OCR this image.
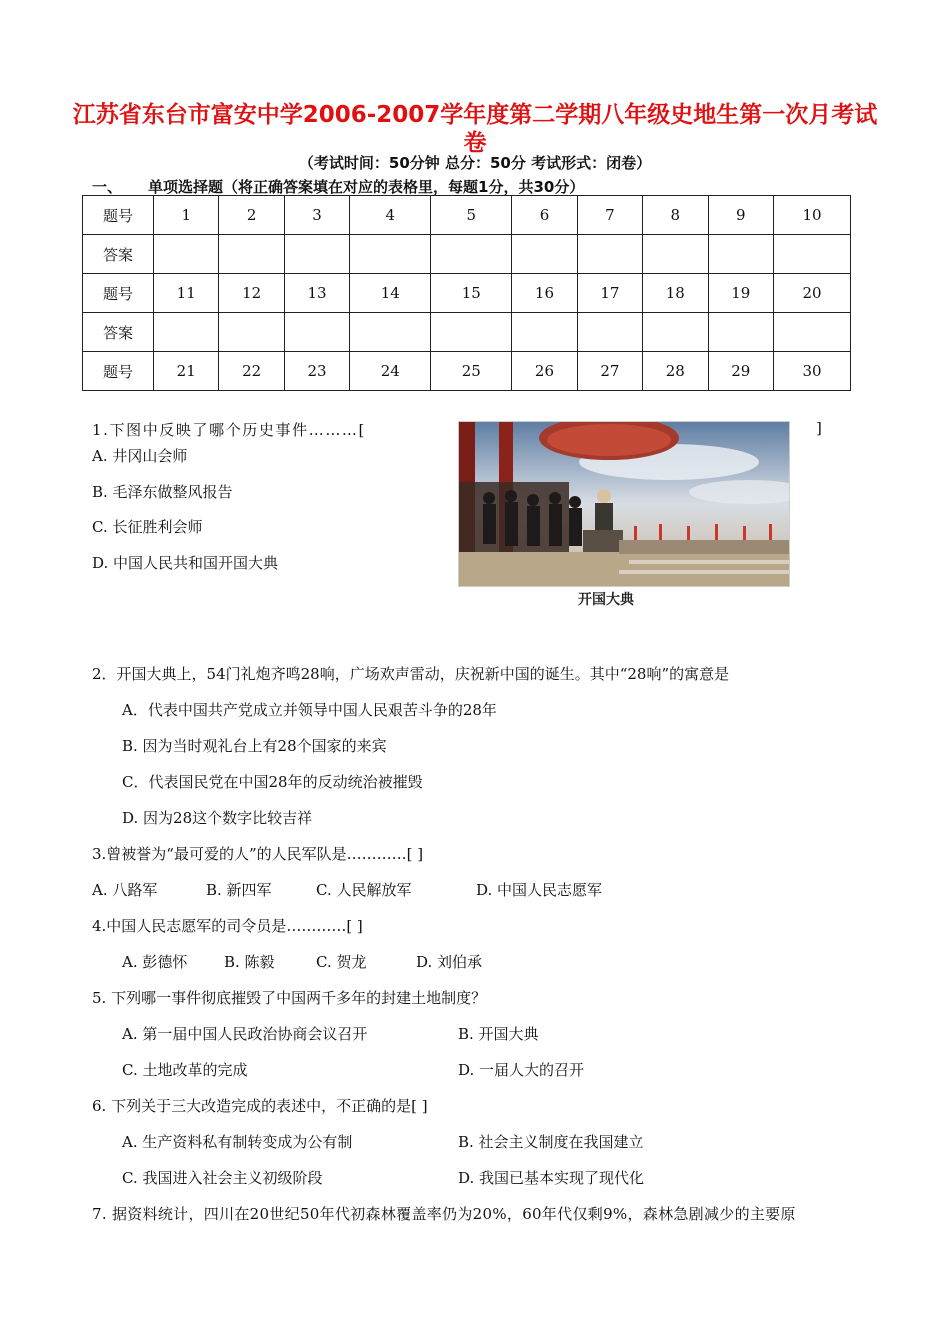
江苏省东台市富安中学2006-2007学年度第二学期八年级史地生第一次月考试
卷
（考试时间：50分钟 总分：50分 考试形式：闭卷）
一、 单项选择题（将正确答案填在对应的表格里，每题1分，共30分）
题号	1	2	3	4	5	6	7	8	9	10
答案										
题号	11	12	13	14	15	16	17	18	19	20
答案										
题号	21	22	23	24	25	26	27	28	29	30
1.下图中反映了哪个历史事件………[	]
A. 井冈山会师
B. 毛泽东做整风报告
C. 长征胜利会师
D. 中国人民共和国开国大典
开国大典
2．开国大典上，54门礼炮齐鸣28响，广场欢声雷动，庆祝新中国的诞生。其中“28响”的寓意是
A．代表中国共产党成立并领导中国人民艰苦斗争的28年
B. 因为当时观礼台上有28个国家的来宾
C．代表国民党在中国28年的反动统治被摧毁
D. 因为28这个数字比较吉祥
3.曾被誉为“最可爱的人”的人民军队是…………[ ]
A. 八路军	B. 新四军	C. 人民解放军	D. 中国人民志愿军
4.中国人民志愿军的司令员是…………[ ]
A. 彭德怀 B. 陈毅	C. 贺龙	D. 刘伯承
5. 下列哪一事件彻底摧毁了中国两千多年的封建土地制度？
A. 第一届中国人民政治协商会议召开	B. 开国大典
C. 土地改革的完成	D. 一届人大的召开
6. 下列关于三大改造完成的表述中，不正确的是[ ]
A. 生产资料私有制转变成为公有制	B. 社会主义制度在我国建立
C. 我国进入社会主义初级阶段	D. 我国已基本实现了现代化
7. 据资料统计，四川在20世纪50年代初森林覆盖率仍为20%，60年代仅剩9%，森林急剧减少的主要原
